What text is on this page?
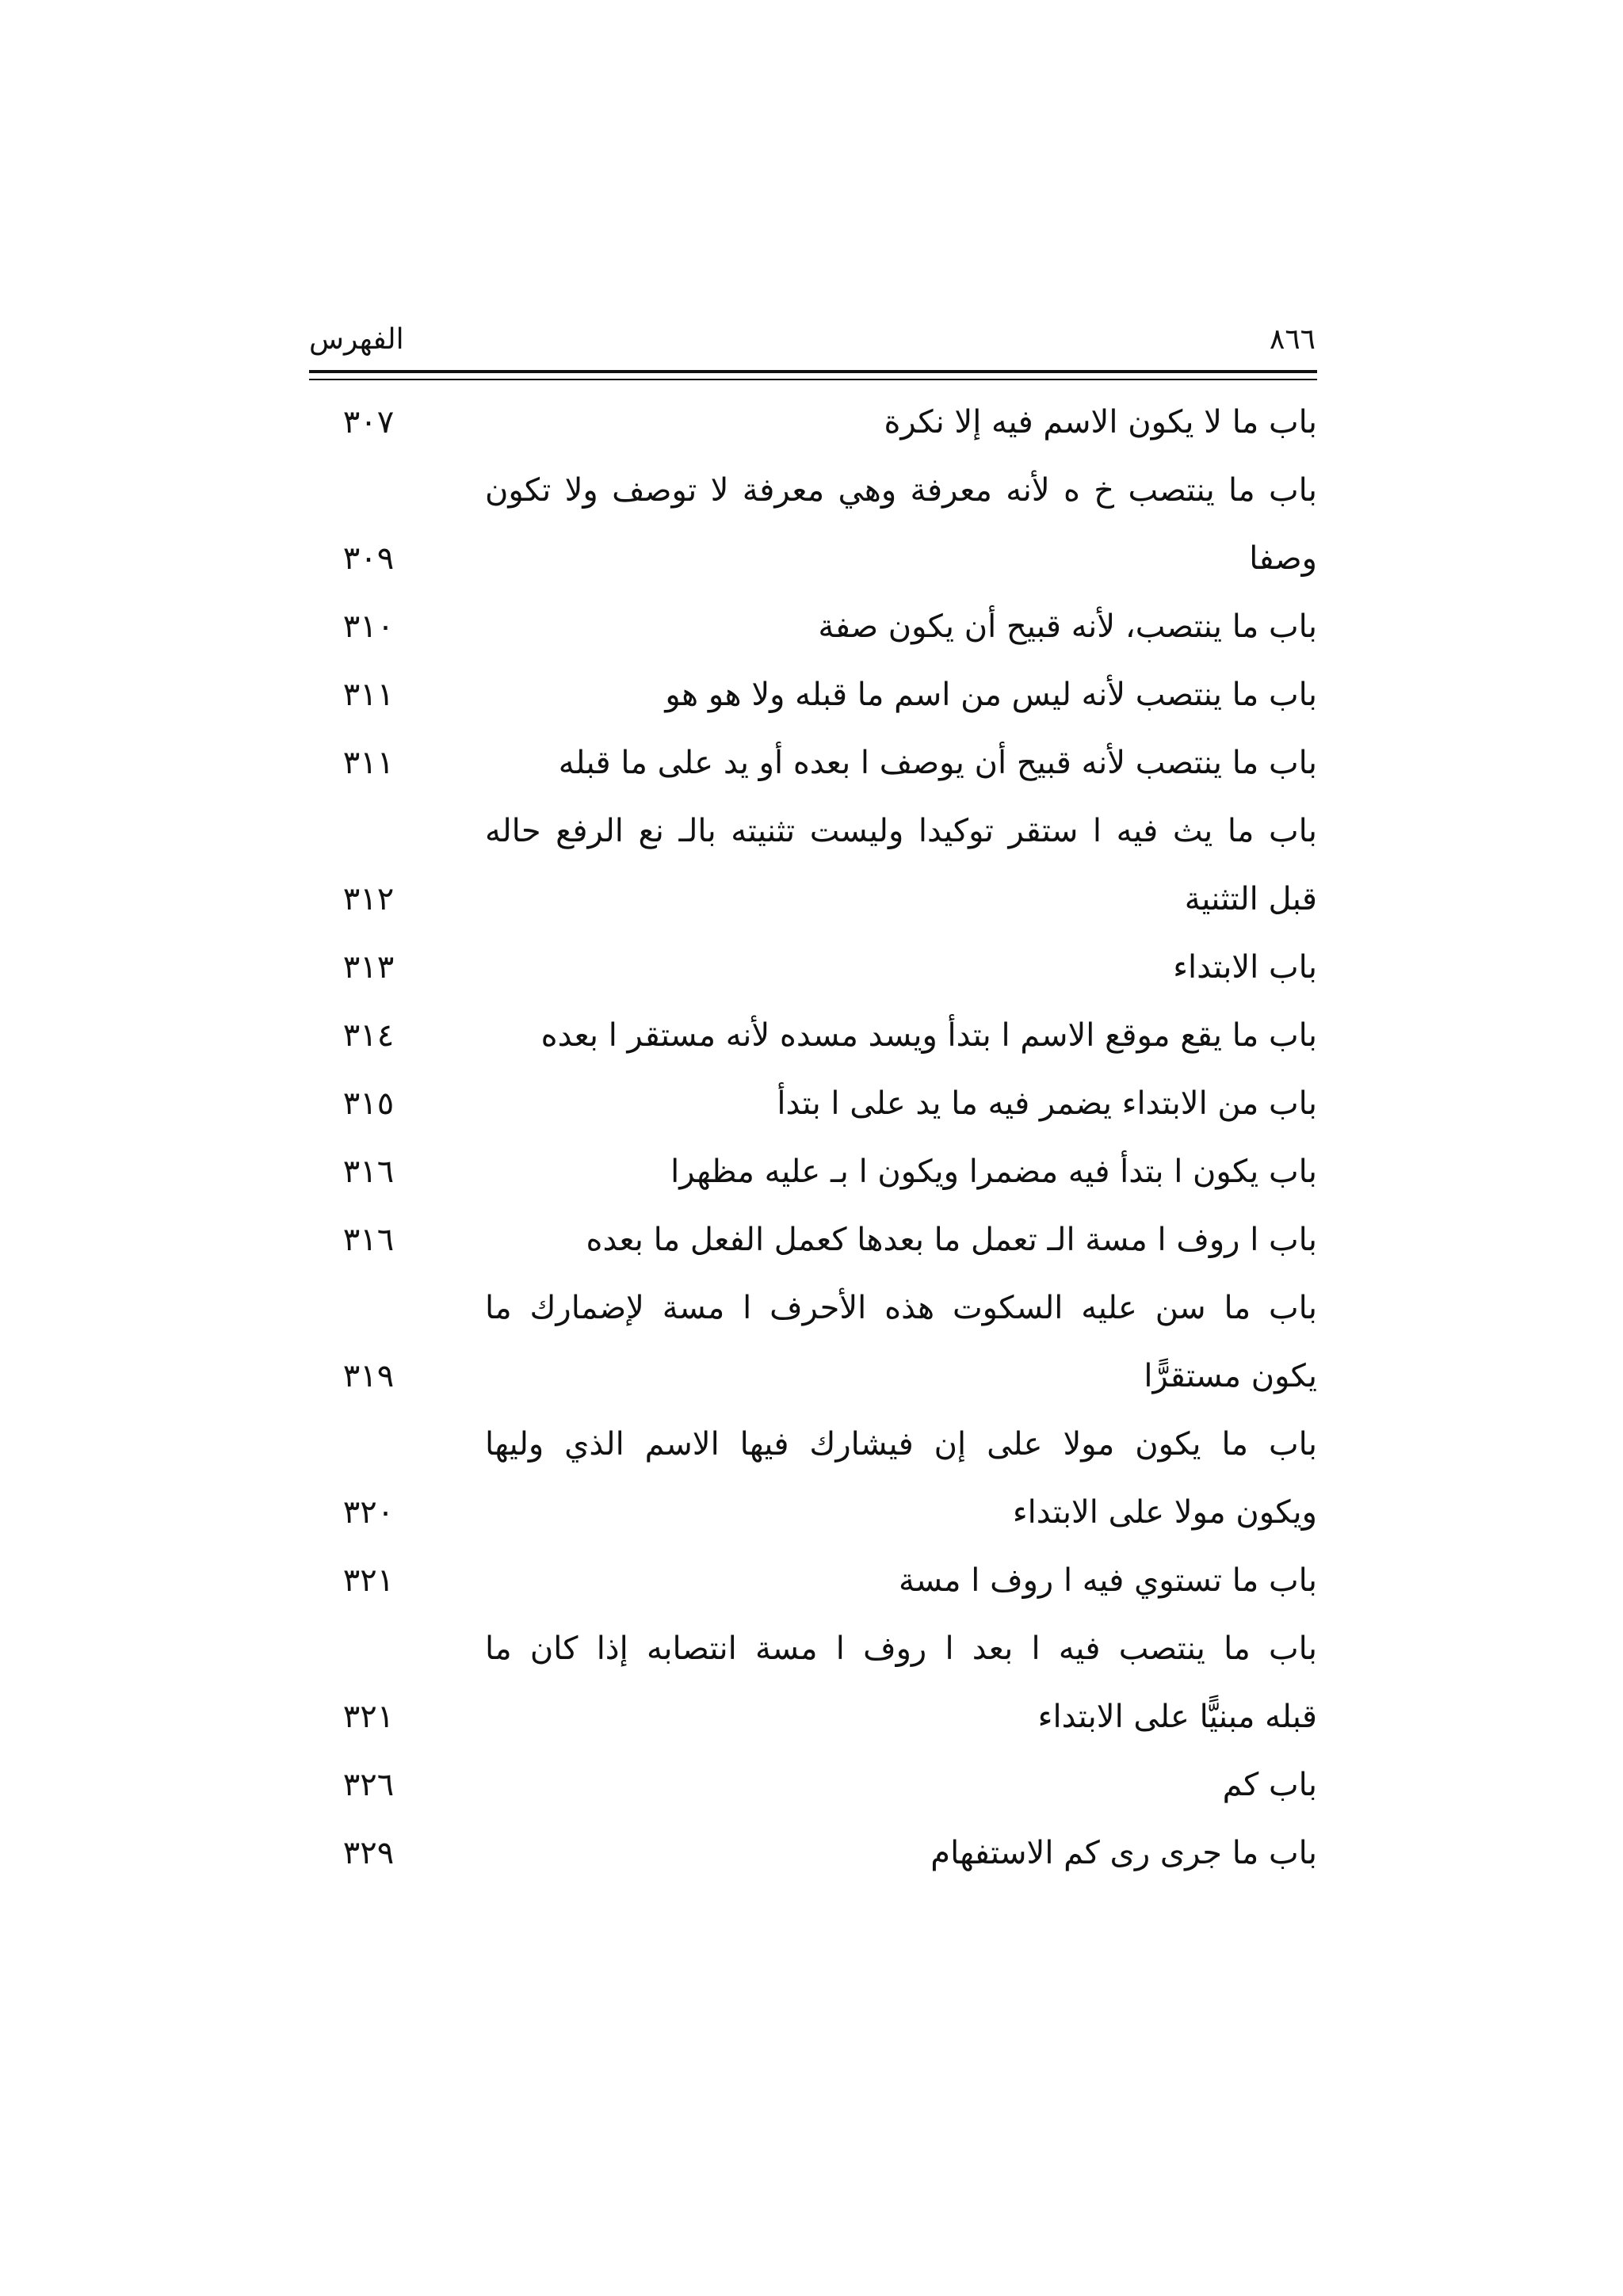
٨٦٦
الفهرس
باب ما لا يكون الاسم فيه إلا نكرة
٣٠٧
باب ما ينتصب خ ه لأنه معرفة وهي معرفة لا توصف ولا تكون
وصفا
٣٠٩
باب ما ينتصب، لأنه قبيح أن يكون صفة
٣١٠
باب ما ينتصب لأنه ليس من اسم ما قبله ولا هو هو
٣١١
باب ما ينتصب لأنه قبيح أن يوصف ا بعده أو يد على ما قبله
٣١١
باب ما يث فيه ا ستقر توكيدا وليست تثنيته بالـ نع الرفع حاله
قبل التثنية
٣١٢
باب الابتداء
٣١٣
باب ما يقع موقع الاسم ا بتدأ ويسد مسده لأنه مستقر ا بعده
٣١٤
باب من الابتداء يضمر فيه ما يد على ا بتدأ
٣١٥
باب يكون ا بتدأ فيه مضمرا ويكون ا بـ عليه مظهرا
٣١٦
باب ا روف ا مسة الـ تعمل ما بعدها كعمل الفعل ما بعده
٣١٦
باب ما سن عليه السكوت هذه الأحرف ا مسة لإضمارك ما
يكون مستقرًّا
٣١٩
باب ما يكون مولا على إن فيشارك فيها الاسم الذي وليها
ويكون مولا على الابتداء
٣٢٠
باب ما تستوي فيه ا روف ا مسة
٣٢١
باب ما ينتصب فيه ا بعد ا روف ا مسة انتصابه إذا كان ما
قبله مبنيًّا على الابتداء
٣٢١
باب كم
٣٢٦
باب ما جرى رى كم الاستفهام
٣٢٩
